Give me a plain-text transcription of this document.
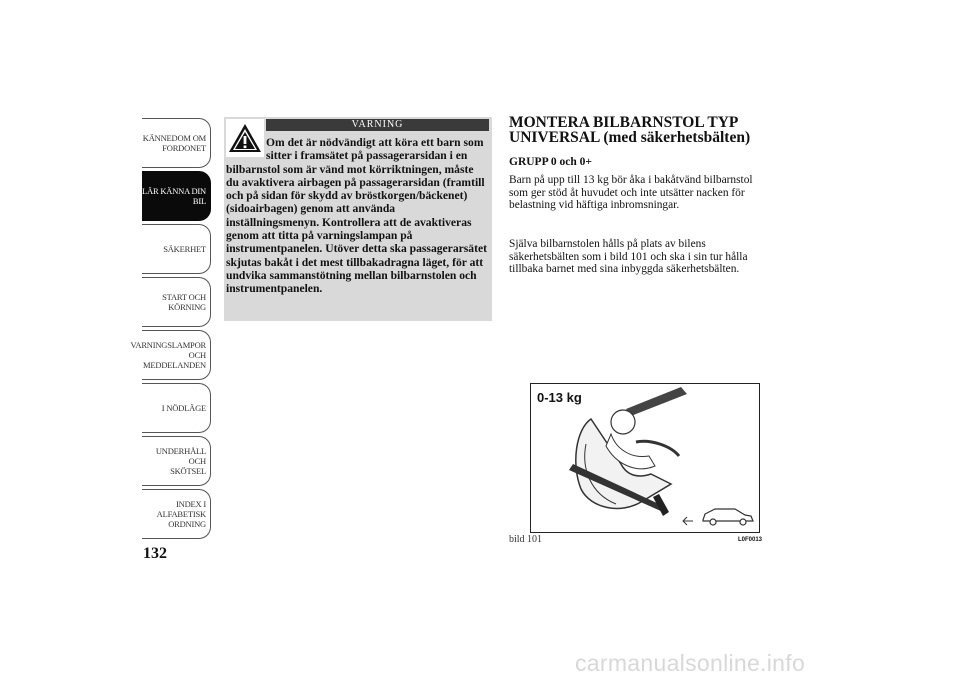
KÄNNEDOM OM
FORDONET
LÄR KÄNNA DIN
BIL
SÄKERHET
START OCH
KÖRNING
VARNINGSLAMPOR
OCH
MEDDELANDEN
I NÖDLÄGE
UNDERHÅLL OCH
SKÖTSEL
INDEX I
ALFABETISK
ORDNING
132
VARNING
Om det är nödvändigt att köra ett barn som sitter i framsätet på passagerarsidan i en bilbarnstol som är vänd mot körriktningen, måste du avaktivera airbagen på passagerarsidan (framtill och på sidan för skydd av bröstkorgen/bäckenet) (sidoairbagen) genom att använda inställningsmenyn. Kontrollera att de avaktiveras genom att titta på varningslampan på instrumentpanelen. Utöver detta ska passagerarsätet skjutas bakåt i det mest tillbakadragna läget, för att undvika sammanstötning mellan bilbarnstolen och instrumentpanelen.
MONTERA BILBARNSTOL TYP UNIVERSAL (med säkerhetsbälten)
GRUPP 0 och 0+

Barn på upp till 13 kg bör åka i bakåtvänd bilbarnstol som ger stöd åt huvudet och inte utsätter nacken för belastning vid häftiga inbromsningar.

Själva bilbarnstolen hålls på plats av bilens säkerhetsbälten som i bild 101 och ska i sin tur hålla tillbaka barnet med sina inbyggda säkerhetsbälten.

0-13 kg
bild 101	L0F0013
carmanualsonline.info
